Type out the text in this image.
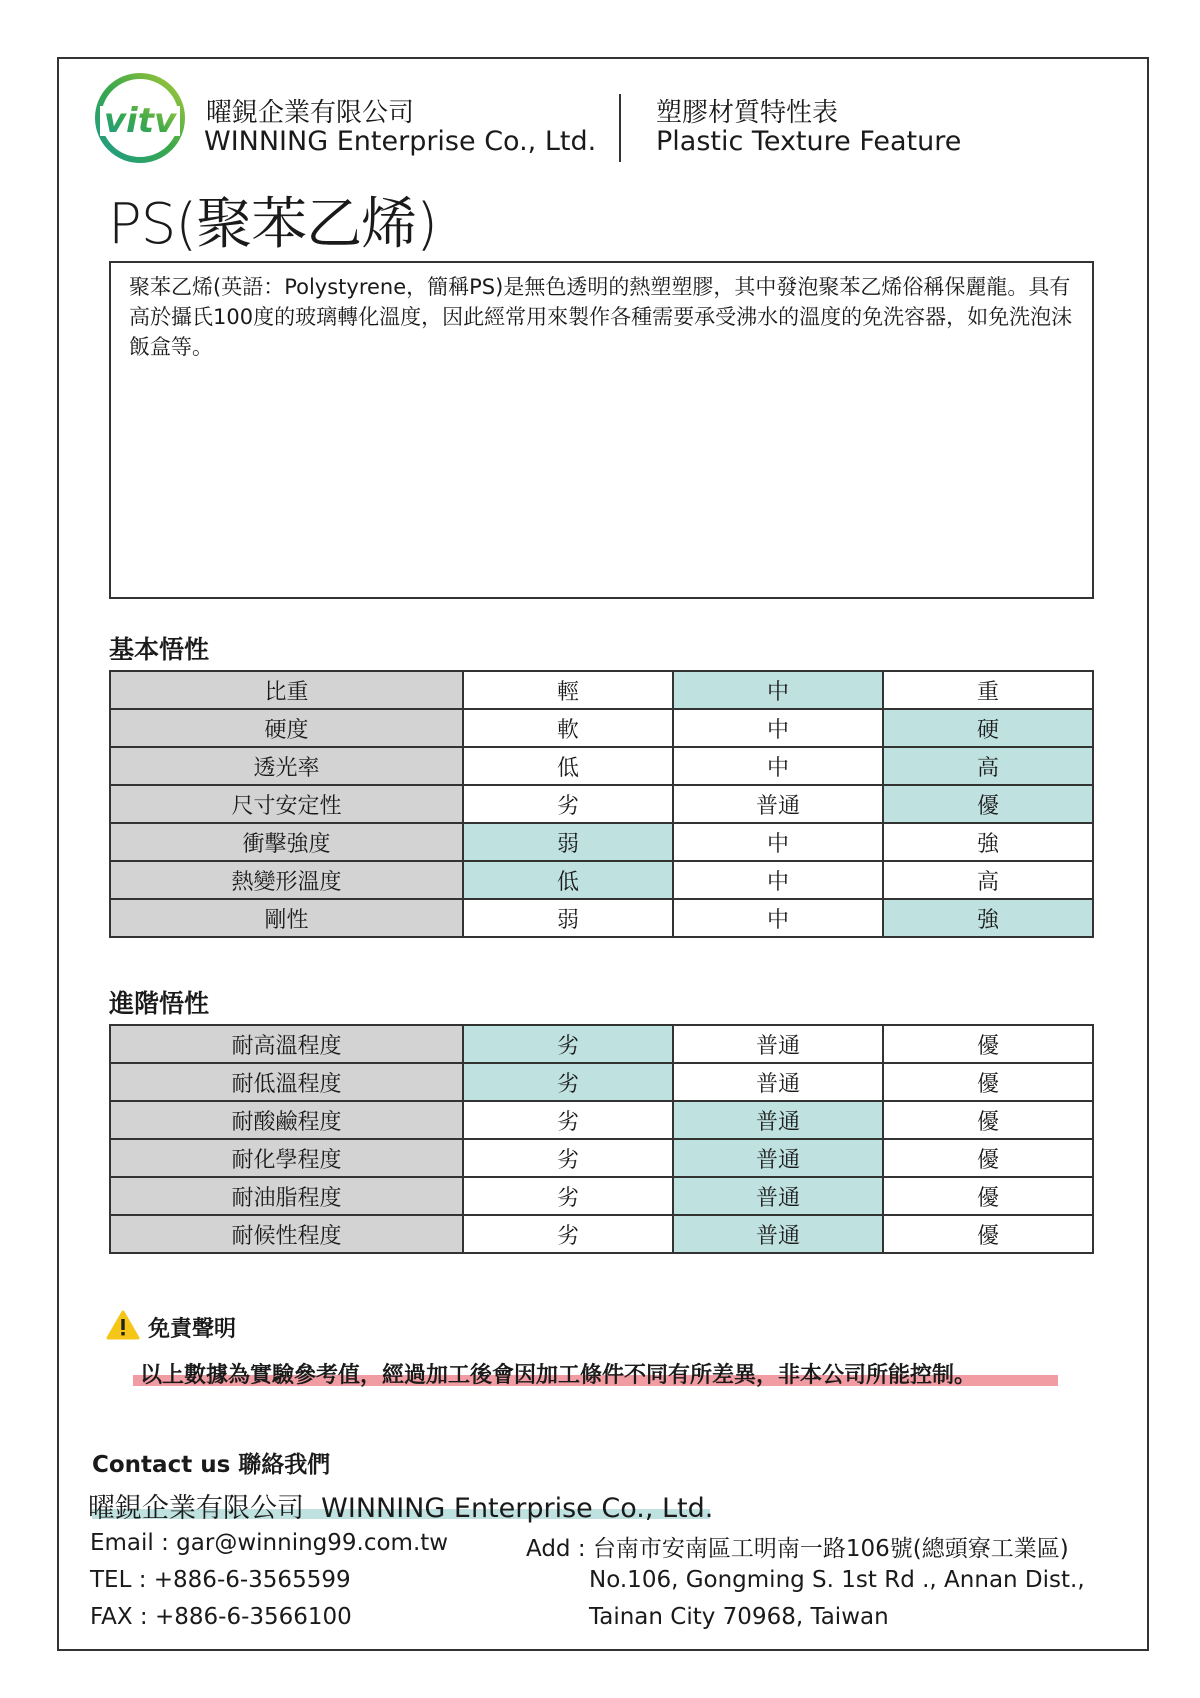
vitv 曜鋧企業有限公司
WINNING Enterprise Co., Ltd.
塑膠材質特性表
Plastic Texture Feature
PS(聚苯乙烯)
聚苯乙烯(英語：Polystyrene，簡稱PS)是無色透明的熱塑塑膠，其中發泡聚苯乙烯俗稱保麗龍。具有高於攝氏100度的玻璃轉化溫度，因此經常用來製作各種需要承受沸水的溫度的免洗容器，如免洗泡沫飯盒等。
基本悟性
比重	輕	中	重
硬度	軟	中	硬
透光率	低	中	高
尺寸安定性	劣	普通	優
衝擊強度	弱	中	強
熱變形溫度	低	中	高
剛性	弱	中	強
進階悟性
耐高溫程度	劣	普通	優
耐低溫程度	劣	普通	優
耐酸鹼程度	劣	普通	優
耐化學程度	劣	普通	優
耐油脂程度	劣	普通	優
耐候性程度	劣	普通	優
免責聲明
以上數據為實驗參考值，經過加工後會因加工條件不同有所差異，非本公司所能控制。
Contact us 聯絡我們
曜鋧企業有限公司  WINNING Enterprise Co., Ltd.
Email : gar@winning99.com.tw
TEL : +886-6-3565599
FAX : +886-6-3566100
Add : 台南市安南區工明南一路106號(總頭寮工業區)
No.106, Gongming S. 1st Rd ., Annan Dist.,
Tainan City 70968, Taiwan
